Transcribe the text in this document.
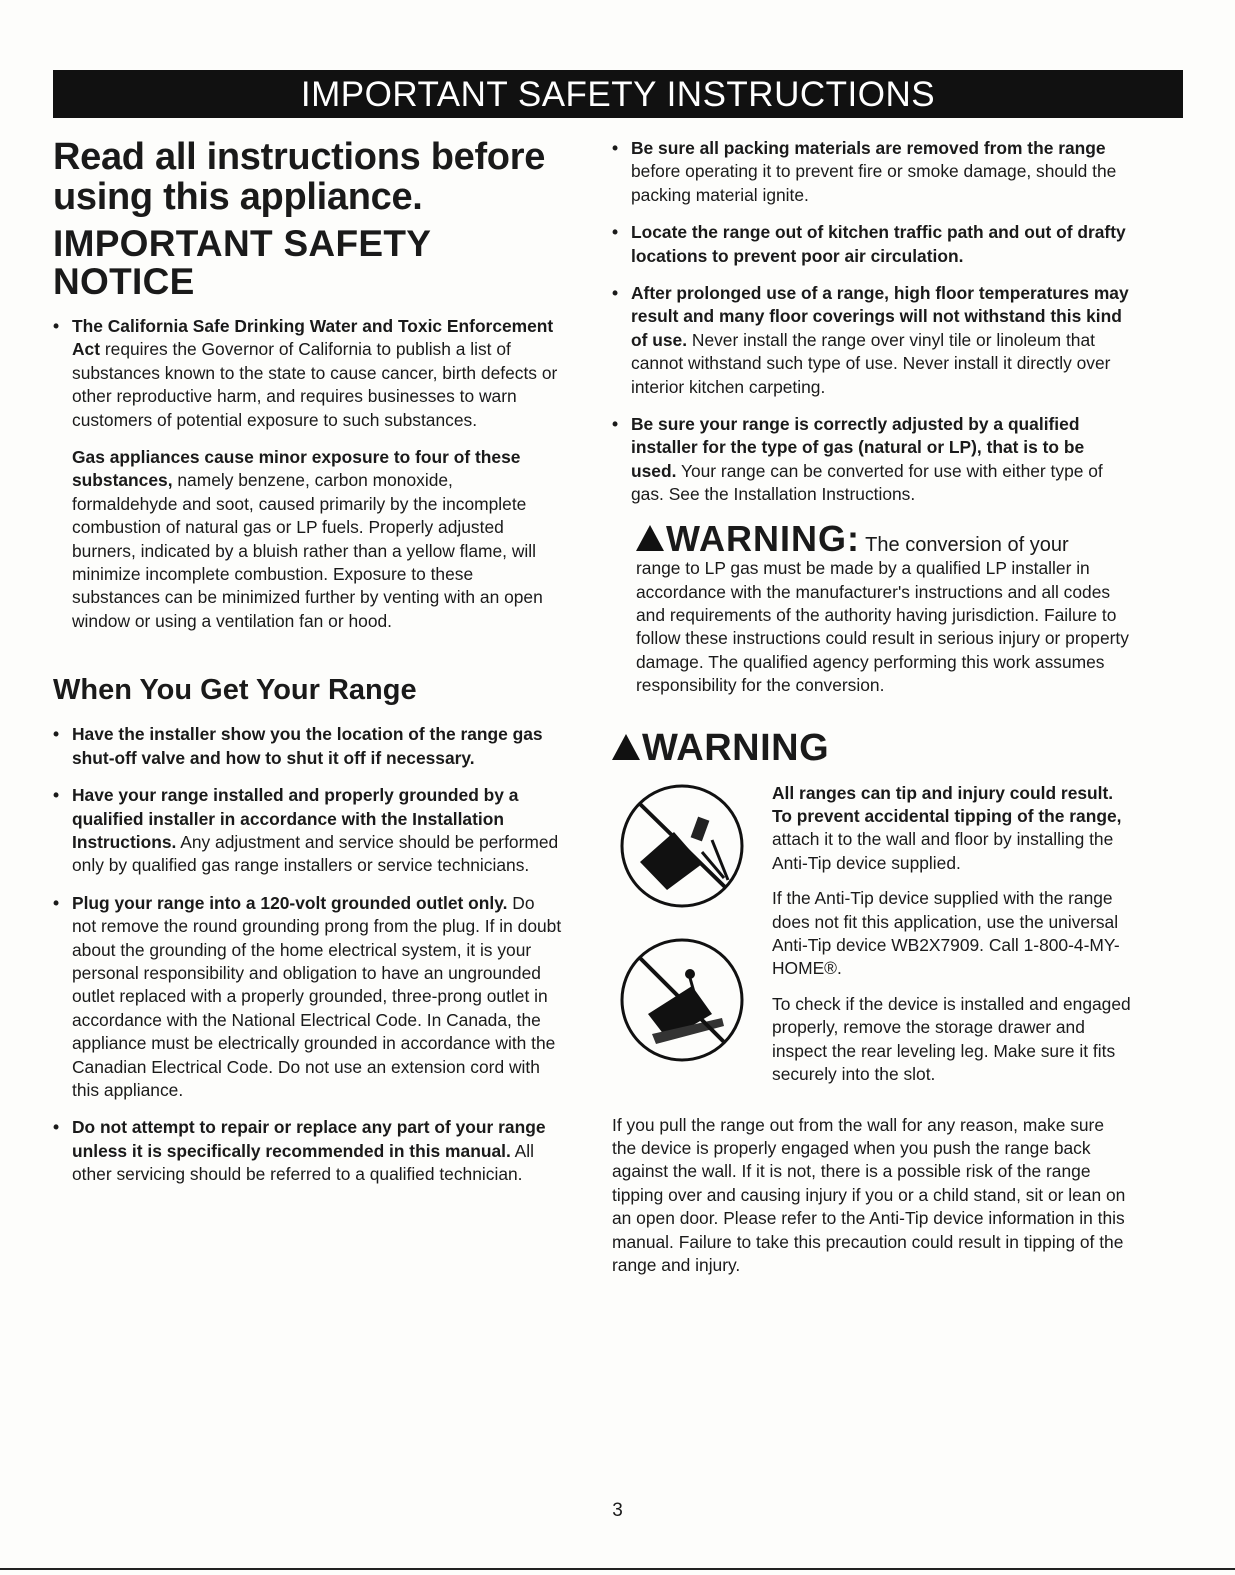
IMPORTANT SAFETY INSTRUCTIONS
Read all instructions before using this appliance.
IMPORTANT SAFETY NOTICE
• The California Safe Drinking Water and Toxic Enforcement Act requires the Governor of California to publish a list of substances known to the state to cause cancer, birth defects or other reproductive harm, and requires businesses to warn customers of potential exposure to such substances.

Gas appliances cause minor exposure to four of these substances, namely benzene, carbon monoxide, formaldehyde and soot, caused primarily by the incomplete combustion of natural gas or LP fuels. Properly adjusted burners, indicated by a bluish rather than a yellow flame, will minimize incomplete combustion. Exposure to these substances can be minimized further by venting with an open window or using a ventilation fan or hood.

When You Get Your Range
• Have the installer show you the location of the range gas shut-off valve and how to shut it off if necessary.
• Have your range installed and properly grounded by a qualified installer in accordance with the Installation Instructions. Any adjustment and service should be performed only by qualified gas range installers or service technicians.
• Plug your range into a 120-volt grounded outlet only. Do not remove the round grounding prong from the plug. If in doubt about the grounding of the home electrical system, it is your personal responsibility and obligation to have an ungrounded outlet replaced with a properly grounded, three-prong outlet in accordance with the National Electrical Code. In Canada, the appliance must be electrically grounded in accordance with the Canadian Electrical Code. Do not use an extension cord with this appliance.
• Do not attempt to repair or replace any part of your range unless it is specifically recommended in this manual. All other servicing should be referred to a qualified technician.
• Be sure all packing materials are removed from the range before operating it to prevent fire or smoke damage, should the packing material ignite.
• Locate the range out of kitchen traffic path and out of drafty locations to prevent poor air circulation.
• After prolonged use of a range, high floor temperatures may result and many floor coverings will not withstand this kind of use. Never install the range over vinyl tile or linoleum that cannot withstand such type of use. Never install it directly over interior kitchen carpeting.
• Be sure your range is correctly adjusted by a qualified installer for the type of gas (natural or LP), that is to be used. Your range can be converted for use with either type of gas. See the Installation Instructions.
WARNING: The conversion of your
range to LP gas must be made by a qualified LP installer in accordance with the manufacturer's instructions and all codes and requirements of the authority having jurisdiction. Failure to follow these instructions could result in serious injury or property damage. The qualified agency performing this work assumes responsibility for the conversion.
WARNING

All ranges can tip and injury could result. To prevent accidental tipping of the range, attach it to the wall and floor by installing the Anti-Tip device supplied.

If the Anti-Tip device supplied with the range does not fit this application, use the universal Anti-Tip device WB2X7909. Call 1-800-4-MY-HOME®.

To check if the device is installed and engaged properly, remove the storage drawer and inspect the rear leveling leg. Make sure it fits securely into the slot.

If you pull the range out from the wall for any reason, make sure the device is properly engaged when you push the range back against the wall. If it is not, there is a possible risk of the range tipping over and causing injury if you or a child stand, sit or lean on an open door. Please refer to the Anti-Tip device information in this manual. Failure to take this precaution could result in tipping of the range and injury.

3
